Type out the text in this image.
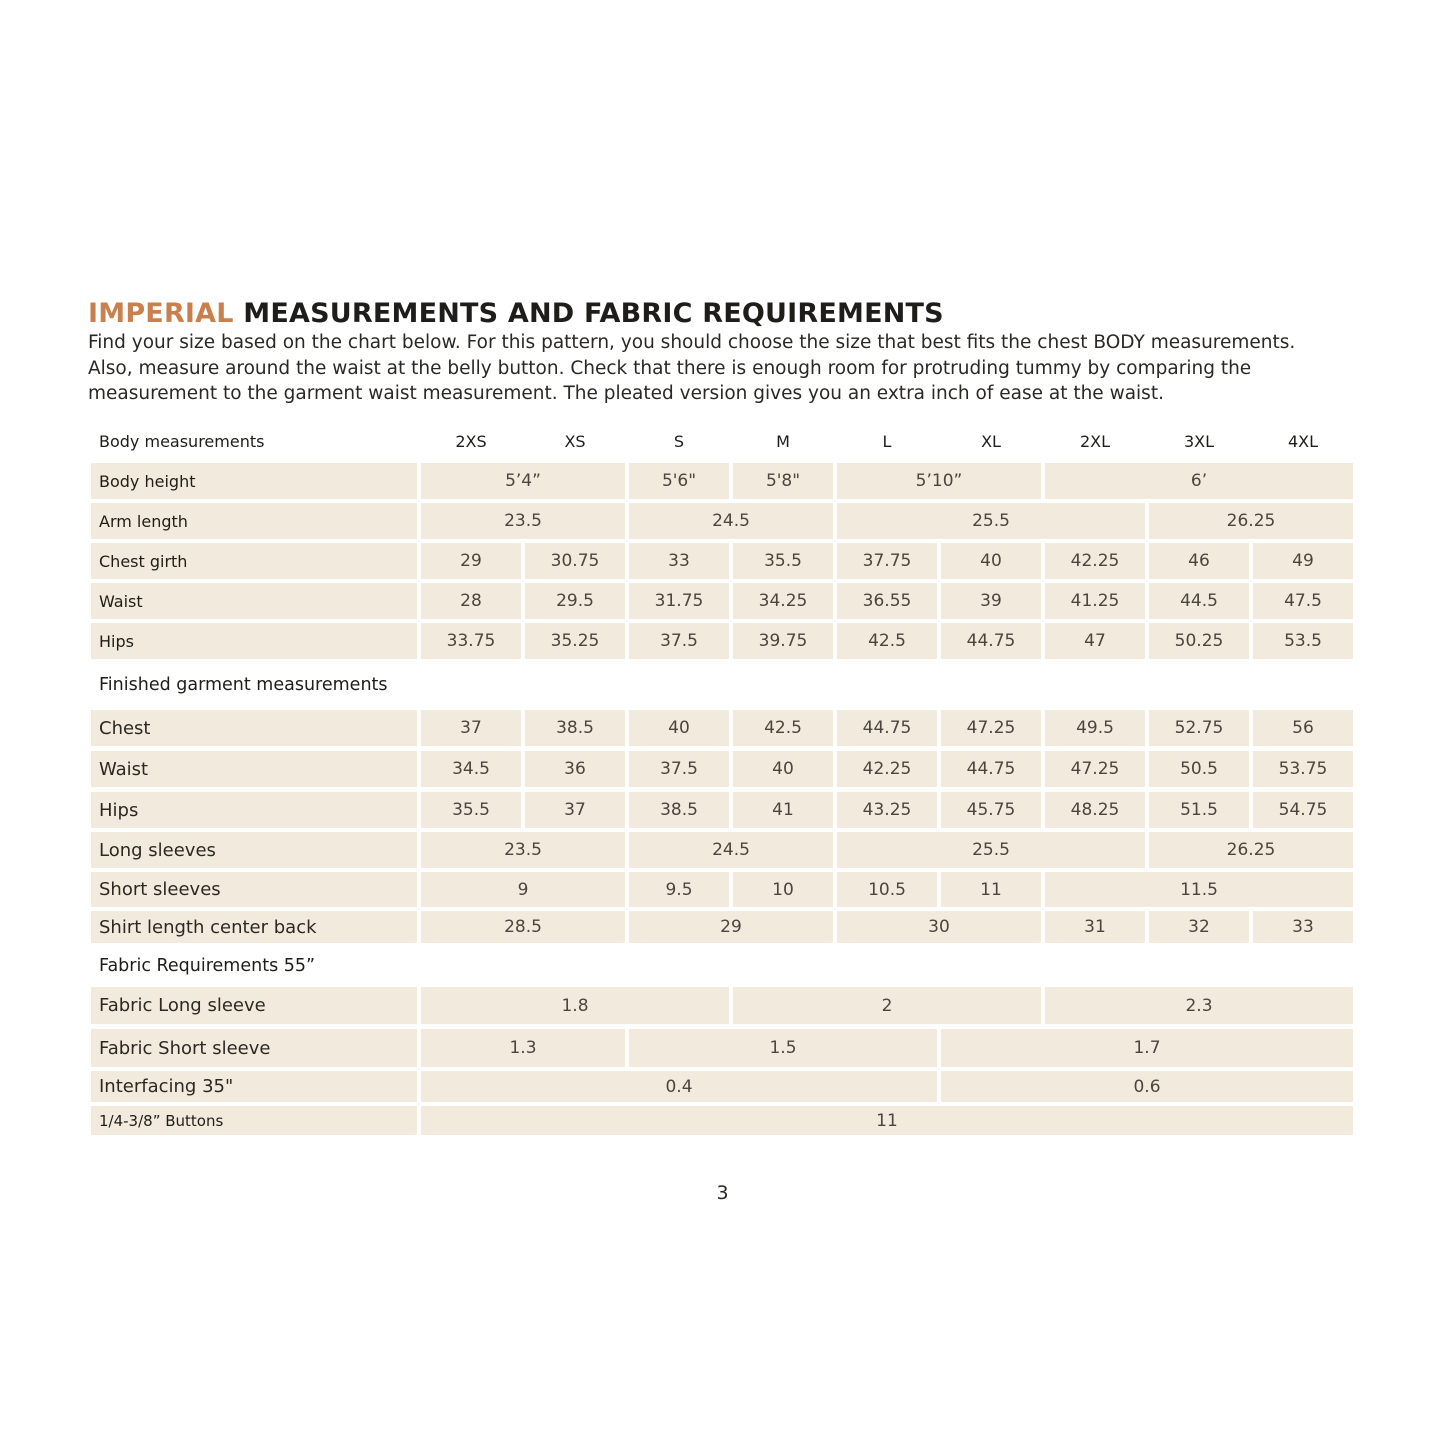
IMPERIAL MEASUREMENTS AND FABRIC REQUIREMENTS
Find your size based on the chart below. For this pattern, you should choose the size that best fits the chest BODY measurements.
Also, measure around the waist at the belly button. Check that there is enough room for protruding tummy by comparing the
measurement to the garment waist measurement. The pleated version gives you an extra inch of ease at the waist.
Body measurements	2XS	XS	S	M	L	XL	2XL	3XL	4XL
Finished garment measurements
Fabric Requirements 55”
Body height	5’4”	5'6"	5'8"	5’10”	6’
Arm length	23.5	24.5	25.5	26.25
Chest girth	29	30.75	33	35.5	37.75	40	42.25	46	49
Waist	28	29.5	31.75	34.25	36.55	39	41.25	44.5	47.5
Hips	33.75	35.25	37.5	39.75	42.5	44.75	47	50.25	53.5
Chest	37	38.5	40	42.5	44.75	47.25	49.5	52.75	56
Waist	34.5	36	37.5	40	42.25	44.75	47.25	50.5	53.75
Hips	35.5	37	38.5	41	43.25	45.75	48.25	51.5	54.75
Long sleeves	23.5	24.5	25.5	26.25
Short sleeves	9	9.5	10	10.5	11	11.5
Shirt length center back	28.5	29	30	31	32	33
Fabric Long sleeve	1.8	2	2.3
Fabric Short sleeve	1.3	1.5	1.7
Interfacing 35"	0.4	0.6
1/4-3/8” Buttons	11
3
